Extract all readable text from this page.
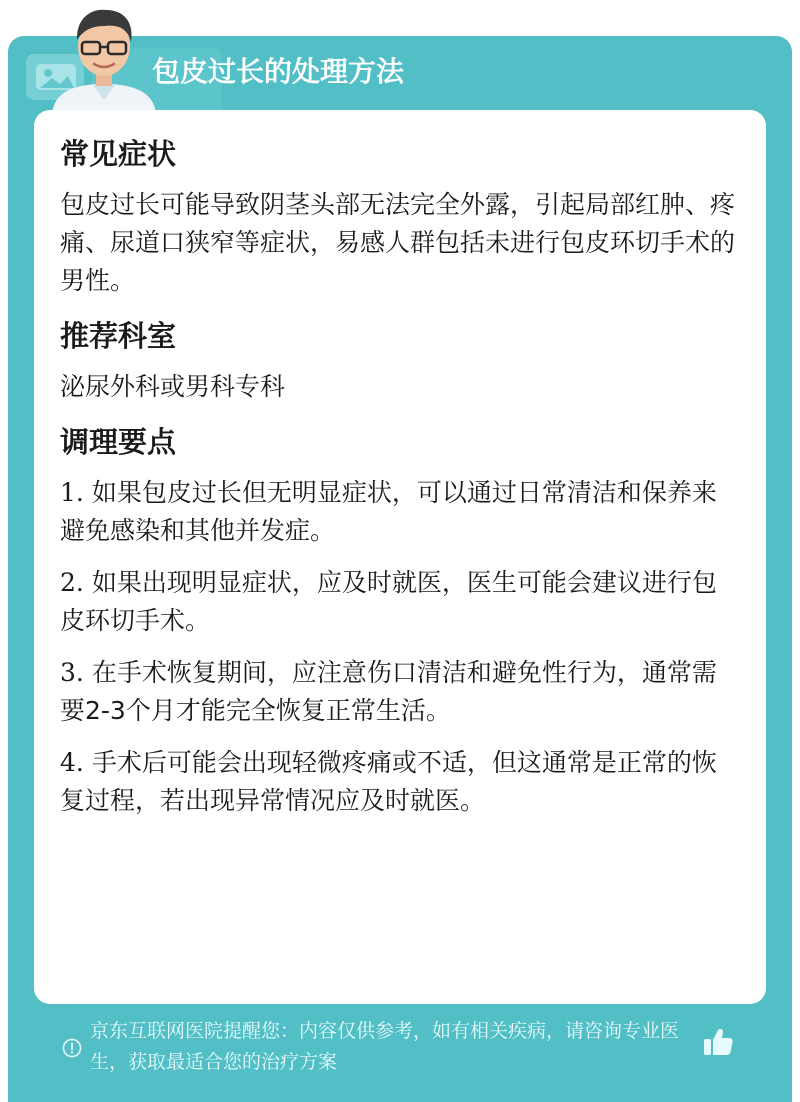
包皮过长的处理方法
常见症状
包皮过长可能导致阴茎头部无法完全外露，引起局部红肿、疼痛、尿道口狭窄等症状，易感人群包括未进行包皮环切手术的男性。
推荐科室
泌尿外科或男科专科
调理要点
1. 如果包皮过长但无明显症状，可以通过日常清洁和保养来避免感染和其他并发症。
2. 如果出现明显症状，应及时就医，医生可能会建议进行包皮环切手术。
3. 在手术恢复期间，应注意伤口清洁和避免性行为，通常需要2-3个月才能完全恢复正常生活。
4. 手术后可能会出现轻微疼痛或不适，但这通常是正常的恢复过程，若出现异常情况应及时就医。
京东互联网医院提醒您：内容仅供参考，如有相关疾病，请咨询专业医生，获取最适合您的治疗方案
